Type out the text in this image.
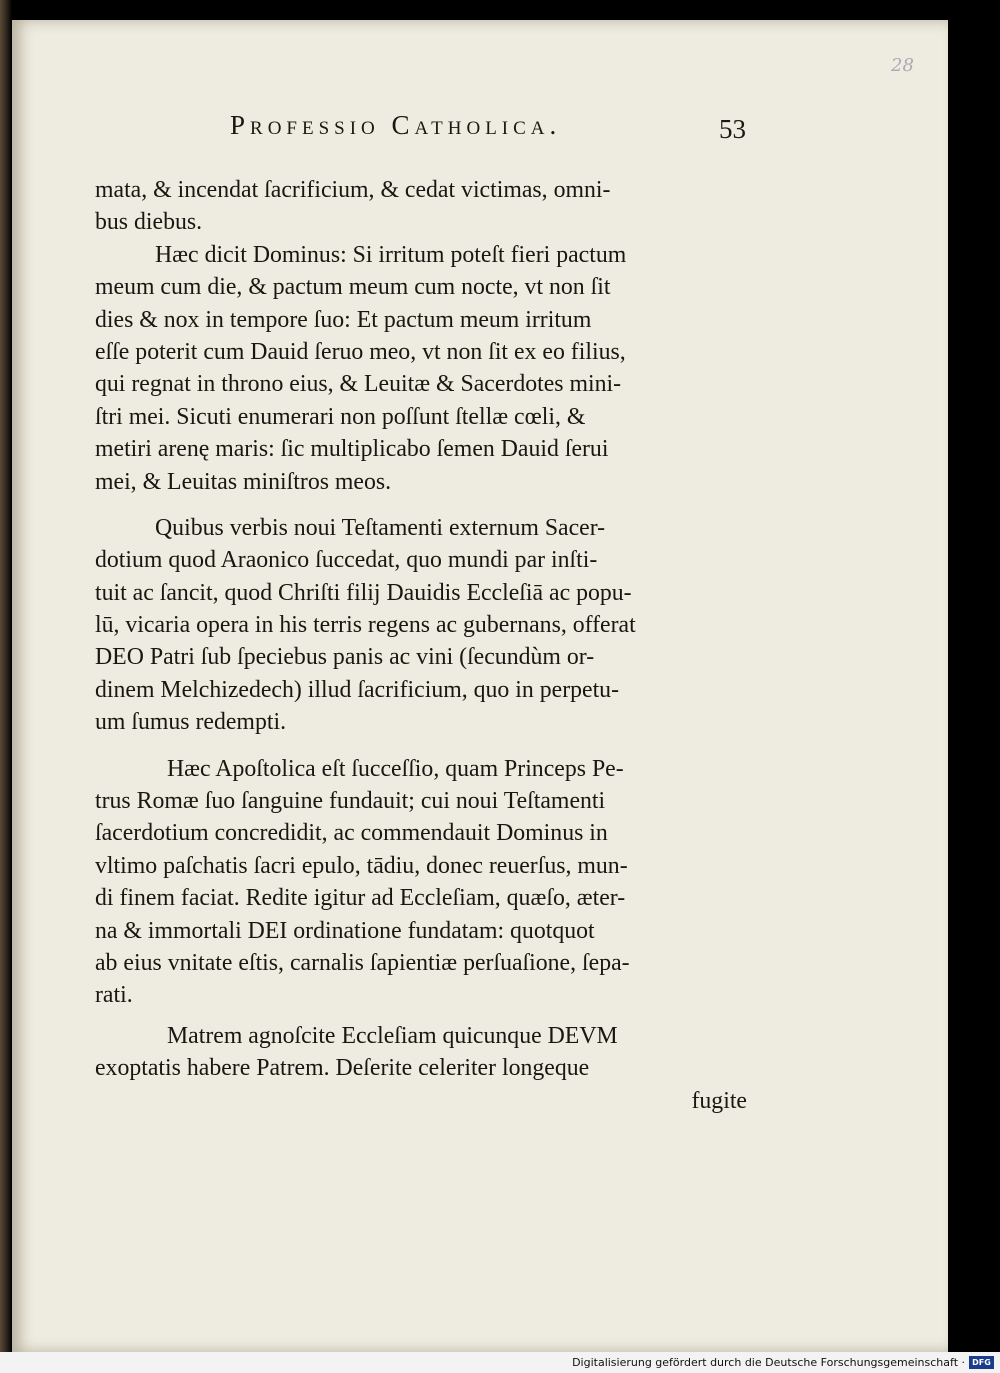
28
Professio Catholica.	53
mata, & incendat ſacrificium, & cedat victimas, omni-
bus diebus.
Hæc dicit Dominus: Si irritum poteſt fieri pactum
meum cum die, & pactum meum cum nocte, vt non ſit
dies & nox in tempore ſuo: Et pactum meum irritum
eſſe poterit cum Dauid ſeruo meo, vt non ſit ex eo filius,
qui regnat in throno eius, & Leuitæ & Sacerdotes mini-
ſtri mei. Sicuti enumerari non poſſunt ſtellæ cœli, &
metiri arenę maris: ſic multiplicabo ſemen Dauid ſerui
mei, & Leuitas miniſtros meos.
Quibus verbis noui Teſtamenti externum Sacer-
dotium quod Araonico ſuccedat, quo mundi par inſti-
tuit ac ſancit, quod Chriſti filij Dauidis Eccleſiā ac popu-
lū, vicaria opera in his terris regens ac gubernans, offerat
DEO Patri ſub ſpeciebus panis ac vini (ſecundùm or-
dinem Melchizedech) illud ſacrificium, quo in perpetu-
um ſumus redempti.
Hæc Apoſtolica eſt ſucceſſio, quam Princeps Pe-
trus Romæ ſuo ſanguine fundauit; cui noui Teſtamenti
ſacerdotium concredidit, ac commendauit Dominus in
vltimo paſchatis ſacri epulo, tādiu, donec reuerſus, mun-
di finem faciat. Redite igitur ad Eccleſiam, quæſo, æter-
na & immortali DEI ordinatione fundatam: quotquot
ab eius vnitate eſtis, carnalis ſapientiæ perſuaſione, ſepa-
rati.
Matrem agnoſcite Eccleſiam quicunque DEVM
exoptatis habere Patrem. Deſerite celeriter longeque
fugite
Digitalisierung gefördert durch die Deutsche Forschungsgemeinschaft · DFG
